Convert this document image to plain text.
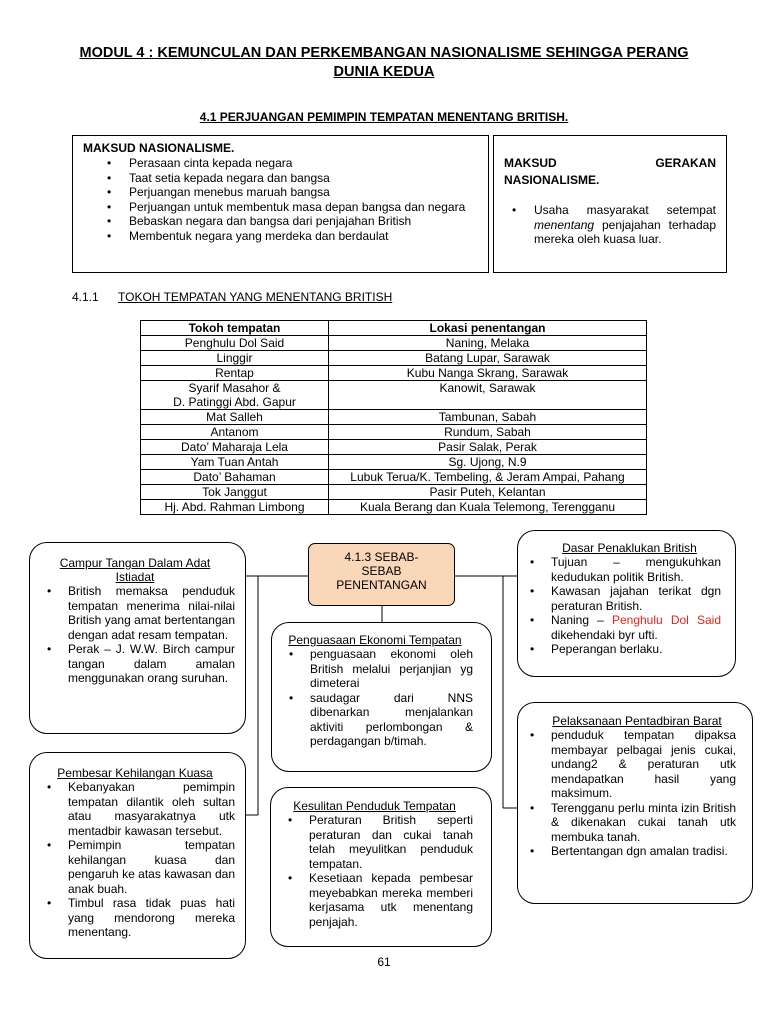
MODUL 4 : KEMUNCULAN DAN PERKEMBANGAN NASIONALISME SEHINGGA PERANG
DUNIA KEDUA
4.1 PERJUANGAN PEMIMPIN TEMPATAN MENENTANG BRITISH.
MAKSUD NASIONALISME.
• Perasaan cinta kepada negara
• Taat setia kepada negara dan bangsa
• Perjuangan menebus maruah bangsa
• Perjuangan untuk membentuk masa depan bangsa dan negara
• Bebaskan negara dan bangsa dari penjajahan British
• Membentuk negara yang merdeka dan berdaulat
MAKSUD	GERAKAN
NASIONALISME.
• Usaha masyarakat setempat menentang penjajahan terhadap mereka oleh kuasa luar.
4.1.1 TOKOH TEMPATAN YANG MENENTANG BRITISH
Tokoh tempatan	Lokasi penentangan
Penghulu Dol Said	Naning, Melaka
Linggir	Batang Lupar, Sarawak
Rentap	Kubu Nanga Skrang, Sarawak
Syarif Masahor &
D. Patinggi Abd. Gapur	Kanowit, Sarawak
Mat Salleh	Tambunan, Sabah
Antanom	Rundum, Sabah
Dato’ Maharaja Lela	Pasir Salak, Perak
Yam Tuan Antah	Sg. Ujong, N.9
Dato’ Bahaman	Lubuk Terua/K. Tembeling, & Jeram Ampai, Pahang
Tok Janggut	Pasir Puteh, Kelantan
Hj. Abd. Rahman Limbong	Kuala Berang dan Kuala Telemong, Terengganu
4.1.3 SEBAB-
SEBAB
PENENTANGAN
Campur Tangan Dalam Adat
Istiadat
• British memaksa penduduk tempatan menerima nilai-nilai British yang amat bertentangan dengan adat resam tempatan.
• Perak – J. W.W. Birch campur tangan dalam amalan menggunakan orang suruhan.
Pembesar Kehilangan Kuasa
• Kebanyakan pemimpin tempatan dilantik oleh sultan atau masyarakatnya utk mentadbir kawasan tersebut.
• Pemimpin tempatan kehilangan kuasa dan pengaruh ke atas kawasan dan anak buah.
• Timbul rasa tidak puas hati yang mendorong mereka menentang.
Penguasaan Ekonomi Tempatan
• penguasaan ekonomi oleh British melalui perjanjian yg dimeterai
• saudagar dari NNS dibenarkan menjalankan aktiviti perlombongan & perdagangan b/timah.
Kesulitan Penduduk Tempatan
• Peraturan British seperti peraturan dan cukai tanah telah meyulitkan penduduk tempatan.
• Kesetiaan kepada pembesar meyebabkan mereka memberi kerjasama utk menentang penjajah.
Dasar Penaklukan British
• Tujuan – mengukuhkan kedudukan politik British.
• Kawasan jajahan terikat dgn peraturan British.
• Naning – Penghulu Dol Said dikehendaki byr ufti.
• Peperangan berlaku.
Pelaksanaan Pentadbiran Barat
• penduduk tempatan dipaksa membayar pelbagai jenis cukai, undang2 & peraturan utk mendapatkan hasil yang maksimum.
• Terengganu perlu minta izin British & dikenakan cukai tanah utk membuka tanah.
• Bertentangan dgn amalan tradisi.
61
